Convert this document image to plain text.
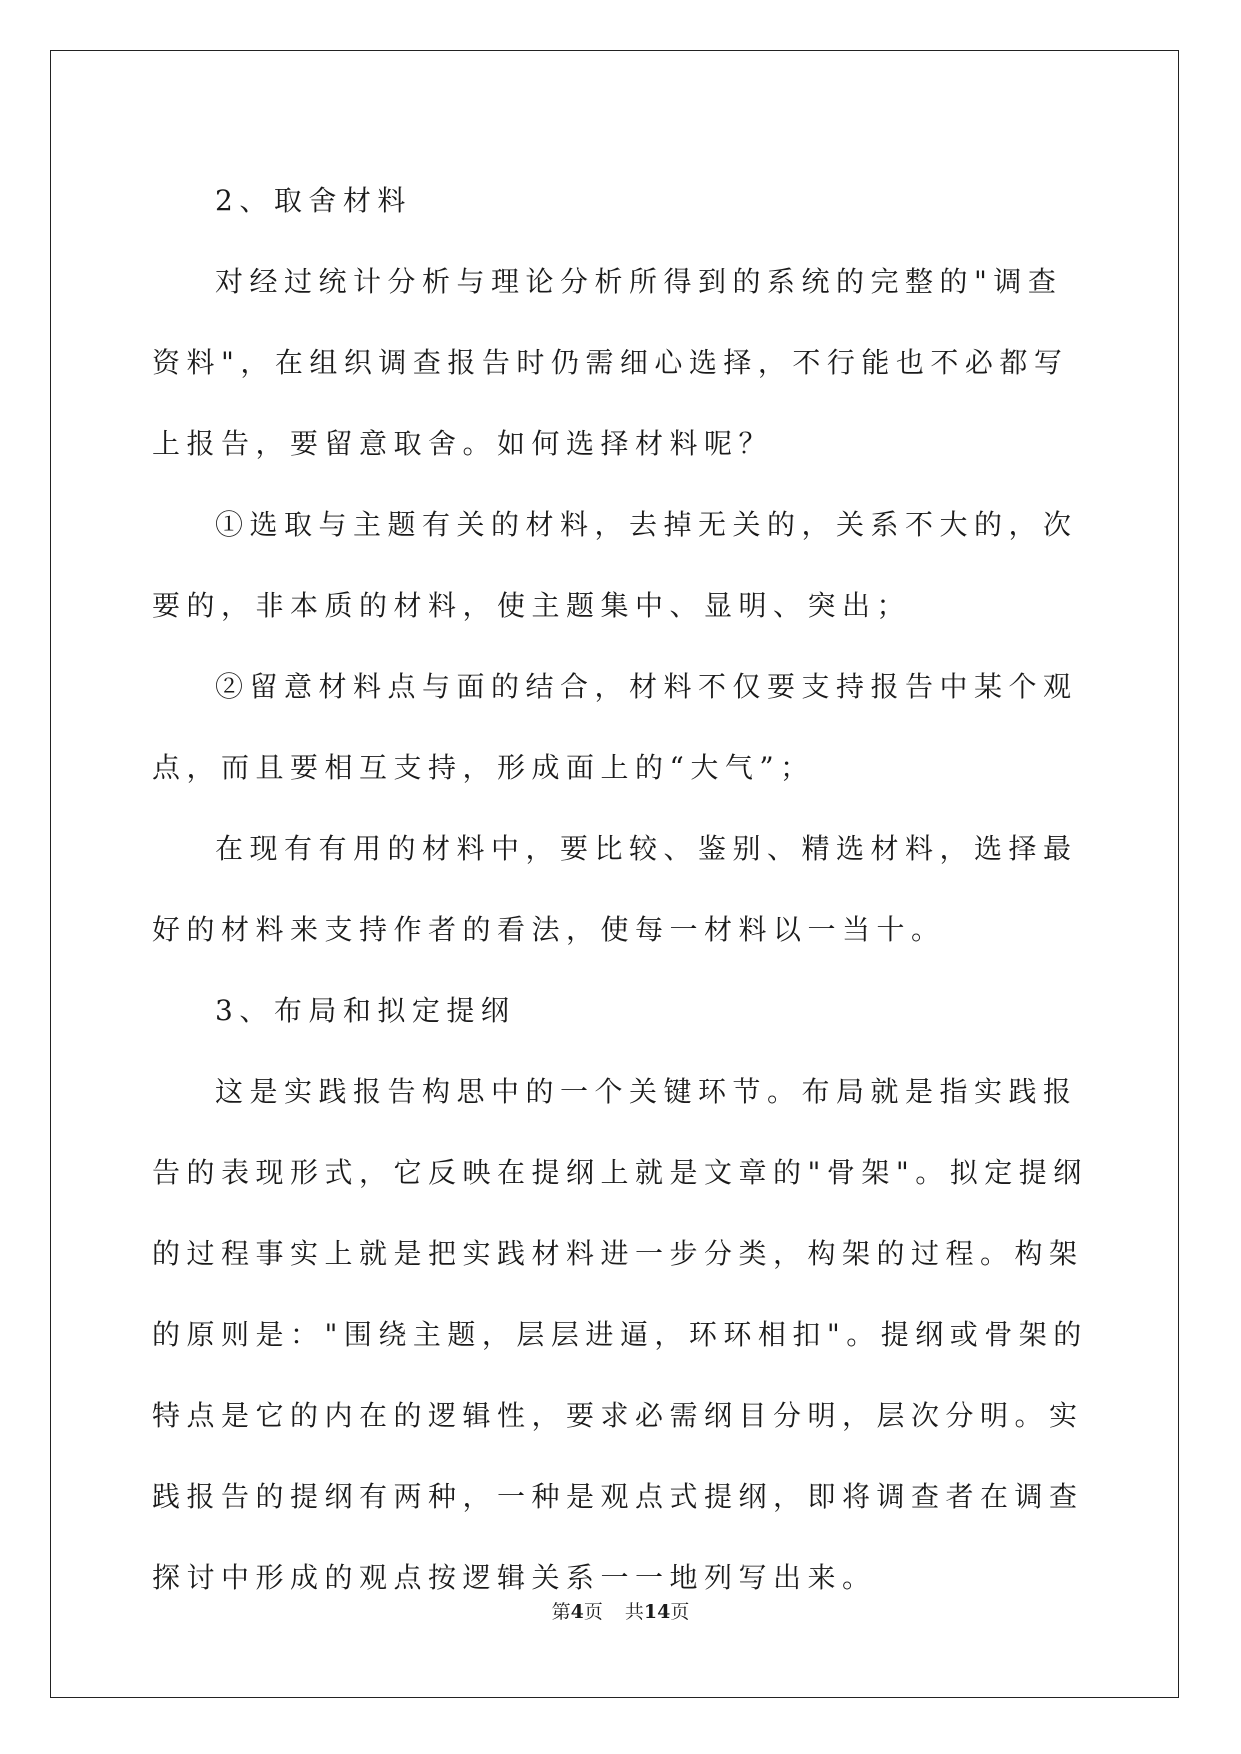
2、取舍材料

对经过统计分析与理论分析所得到的系统的完整的"调查资料"，在组织调查报告时仍需细心选择，不行能也不必都写上报告，要留意取舍。如何选择材料呢？

①选取与主题有关的材料，去掉无关的，关系不大的，次要的，非本质的材料，使主题集中、显明、突出；

②留意材料点与面的结合，材料不仅要支持报告中某个观点，而且要相互支持，形成面上的“大气”；

在现有有用的材料中，要比较、鉴别、精选材料，选择最好的材料来支持作者的看法，使每一材料以一当十。

3、布局和拟定提纲

这是实践报告构思中的一个关键环节。布局就是指实践报告的表现形式，它反映在提纲上就是文章的"骨架"。拟定提纲的过程事实上就是把实践材料进一步分类，构架的过程。构架的原则是："围绕主题，层层进逼，环环相扣"。提纲或骨架的特点是它的内在的逻辑性，要求必需纲目分明，层次分明。实践报告的提纲有两种，一种是观点式提纲，即将调查者在调查探讨中形成的观点按逻辑关系一一地列写出来。

第4页 共14页
